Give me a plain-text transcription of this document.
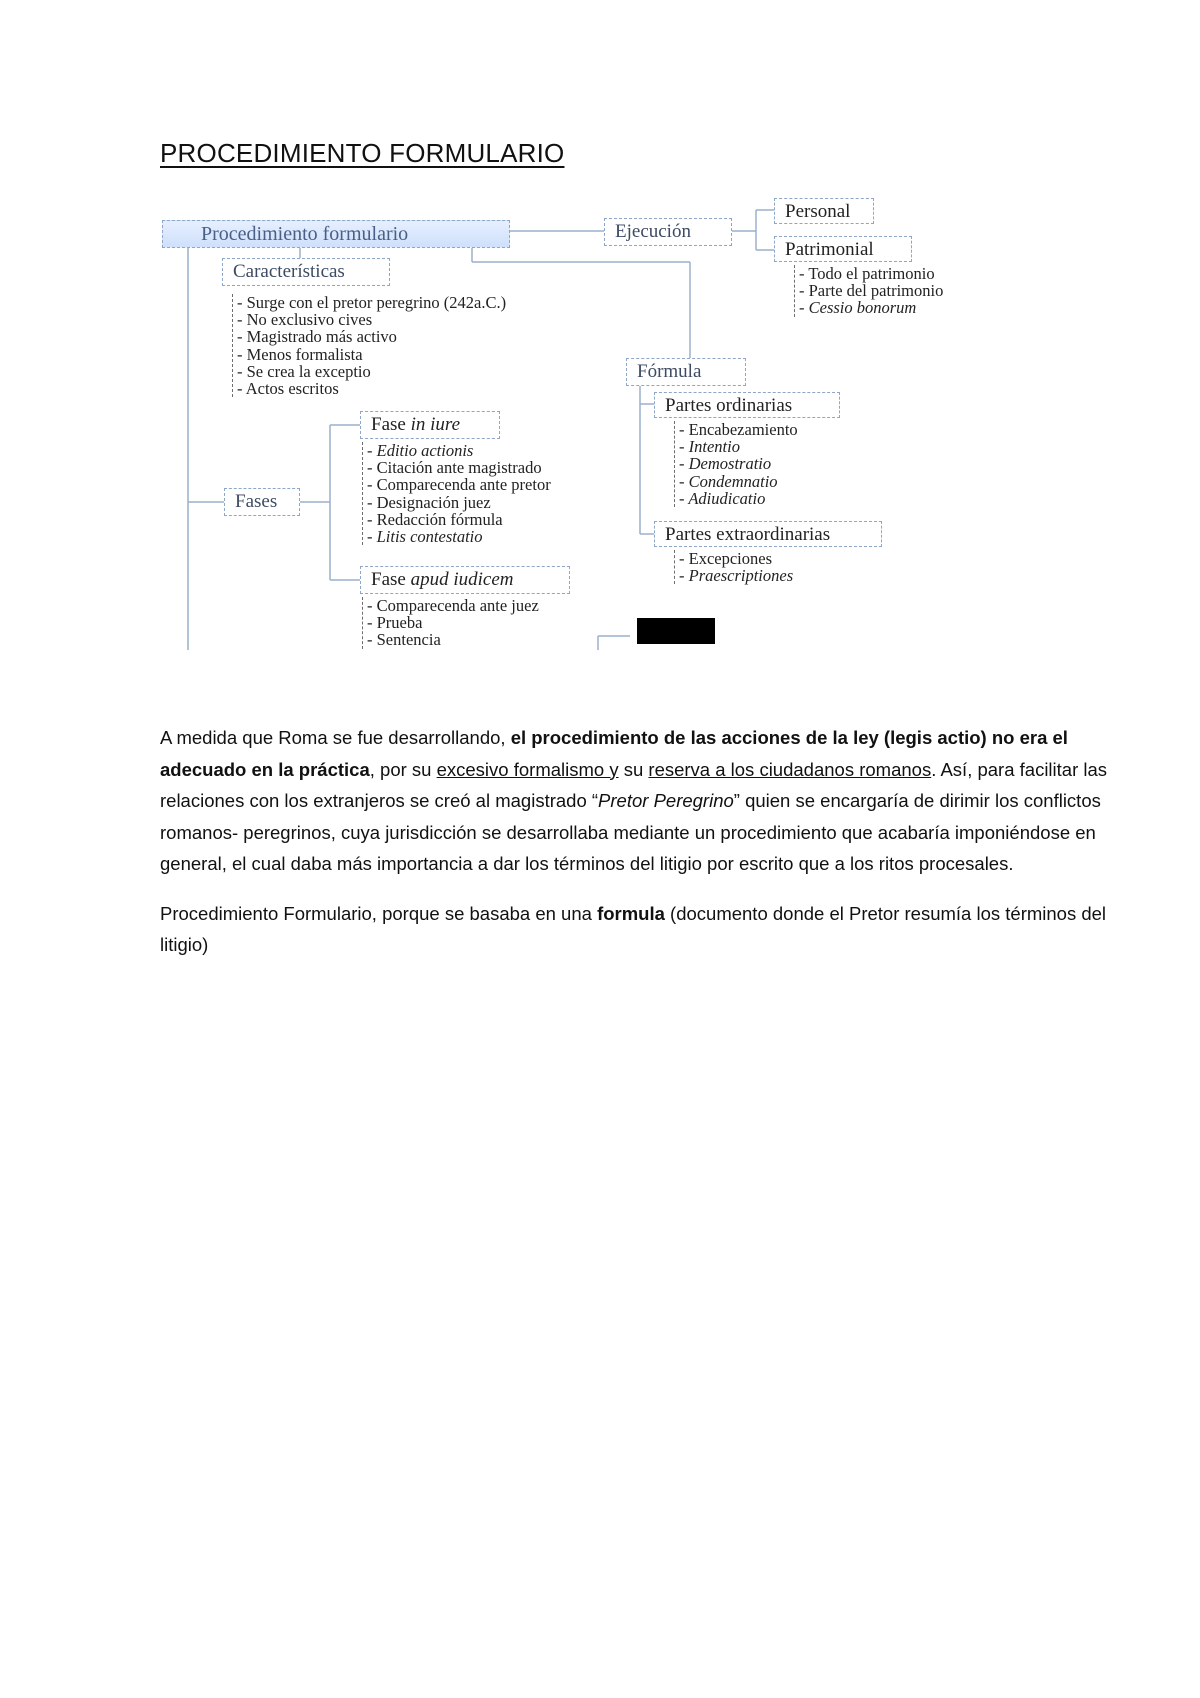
PROCEDIMIENTO FORMULARIO
Procedimiento formulario
Características
- Surge con el pretor peregrino (242a.C.)
- No exclusivo cives
- Magistrado más activo
- Menos formalista
- Se crea la exceptio
- Actos escritos
Fases
Fase in iure
- Editio actionis
- Citación ante magistrado
- Comparecenda ante pretor
- Designación juez
- Redacción fórmula
- Litis contestatio
Fase apud iudicem
- Comparecenda ante juez
- Prueba
- Sentencia
Ejecución
Personal
Patrimonial
- Todo el patrimonio
- Parte del patrimonio
- Cessio bonorum
Fórmula
Partes ordinarias
- Encabezamiento
- Intentio
- Demostratio
- Condemnatio
- Adiudicatio
Partes extraordinarias
- Excepciones
- Praescriptiones

A medida que Roma se fue desarrollando, el procedimiento de las acciones de la ley (legis actio) no era el adecuado en la práctica, por su excesivo formalismo y su reserva a los ciudadanos romanos. Así, para facilitar las relaciones con los extranjeros se creó al magistrado “Pretor Peregrino” quien se encargaría de dirimir los conflictos romanos- peregrinos, cuya jurisdicción se desarrollaba mediante un procedimiento que acabaría imponiéndose en general, el cual daba más importancia a dar los términos del litigio por escrito que a los ritos procesales.

Procedimiento Formulario, porque se basaba en una formula (documento donde el Pretor resumía los términos del litigio)
